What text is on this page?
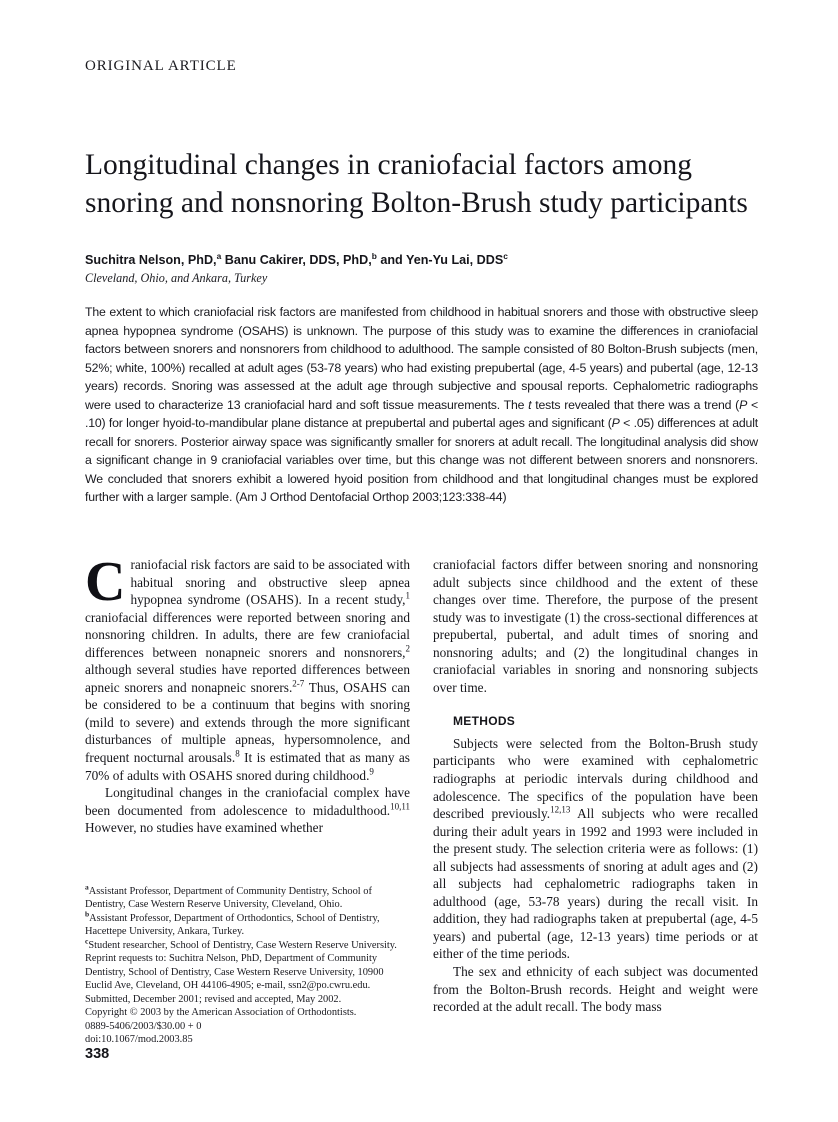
ORIGINAL ARTICLE
Longitudinal changes in craniofacial factors among snoring and nonsnoring Bolton-Brush study participants
Suchitra Nelson, PhD,$^a$ Banu Cakirer, DDS, PhD,$^b$ and Yen-Yu Lai, DDS$^c$
Cleveland, Ohio, and Ankara, Turkey
The extent to which craniofacial risk factors are manifested from childhood in habitual snorers and those with obstructive sleep apnea hypopnea syndrome (OSAHS) is unknown. The purpose of this study was to examine the differences in craniofacial factors between snorers and nonsnorers from childhood to adulthood. The sample consisted of 80 Bolton-Brush subjects (men, 52%; white, 100%) recalled at adult ages (53-78 years) who had existing prepubertal (age, 4-5 years) and pubertal (age, 12-13 years) records. Snoring was assessed at the adult age through subjective and spousal reports. Cephalometric radiographs were used to characterize 13 craniofacial hard and soft tissue measurements. The t tests revealed that there was a trend (P < .10) for longer hyoid-to-mandibular plane distance at prepubertal and pubertal ages and significant (P < .05) differences at adult recall for snorers. Posterior airway space was significantly smaller for snorers at adult recall. The longitudinal analysis did show a significant change in 9 craniofacial variables over time, but this change was not different between snorers and nonsnorers. We concluded that snorers exhibit a lowered hyoid position from childhood and that longitudinal changes must be explored further with a larger sample. (Am J Orthod Dentofacial Orthop 2003;123:338-44)

Craniofacial risk factors are said to be associated with habitual snoring and obstructive sleep apnea hypopnea syndrome (OSAHS). In a recent study,$^1$ craniofacial differences were reported between snoring and nonsnoring children. In adults, there are few craniofacial differences between nonapneic snorers and nonsnorers,$^2$ although several studies have reported differences between apneic snorers and nonapneic snorers.$^{2-7}$ Thus, OSAHS can be considered to be a continuum that begins with snoring (mild to severe) and extends through the more significant disturbances of multiple apneas, hypersomnolence, and frequent nocturnal arousals.$^8$ It is estimated that as many as 70% of adults with OSAHS snored during childhood.$^9$

Longitudinal changes in the craniofacial complex have been documented from adolescence to midadulthood.$^{10,11}$ However, no studies have examined whether

craniofacial factors differ between snoring and nonsnoring adult subjects since childhood and the extent of these changes over time. Therefore, the purpose of the present study was to investigate (1) the cross-sectional differences at prepubertal, pubertal, and adult times of snoring and nonsnoring adults; and (2) the longitudinal changes in craniofacial variables in snoring and nonsnoring subjects over time.

METHODS

Subjects were selected from the Bolton-Brush study participants who were examined with cephalometric radiographs at periodic intervals during childhood and adolescence. The specifics of the population have been described previously.$^{12,13}$ All subjects who were recalled during their adult years in 1992 and 1993 were included in the present study. The selection criteria were as follows: (1) all subjects had assessments of snoring at adult ages and (2) all subjects had cephalometric radiographs taken in adulthood (age, 53-78 years) during the recall visit. In addition, they had radiographs taken at prepubertal (age, 4-5 years) and pubertal (age, 12-13 years) time periods or at either of the time periods.

The sex and ethnicity of each subject was documented from the Bolton-Brush records. Height and weight were recorded at the adult recall. The body mass

$^a$Assistant Professor, Department of Community Dentistry, School of Dentistry, Case Western Reserve University, Cleveland, Ohio.

$^b$Assistant Professor, Department of Orthodontics, School of Dentistry, Hacettepe University, Ankara, Turkey.

$^c$Student researcher, School of Dentistry, Case Western Reserve University.

Reprint requests to: Suchitra Nelson, PhD, Department of Community Dentistry, School of Dentistry, Case Western Reserve University, 10900 Euclid Ave, Cleveland, OH 44106-4905; e-mail, ssn2@po.cwru.edu.

Submitted, December 2001; revised and accepted, May 2002.

Copyright © 2003 by the American Association of Orthodontists.

0889-5406/2003/$30.00 + 0

doi:10.1067/mod.2003.85

338
